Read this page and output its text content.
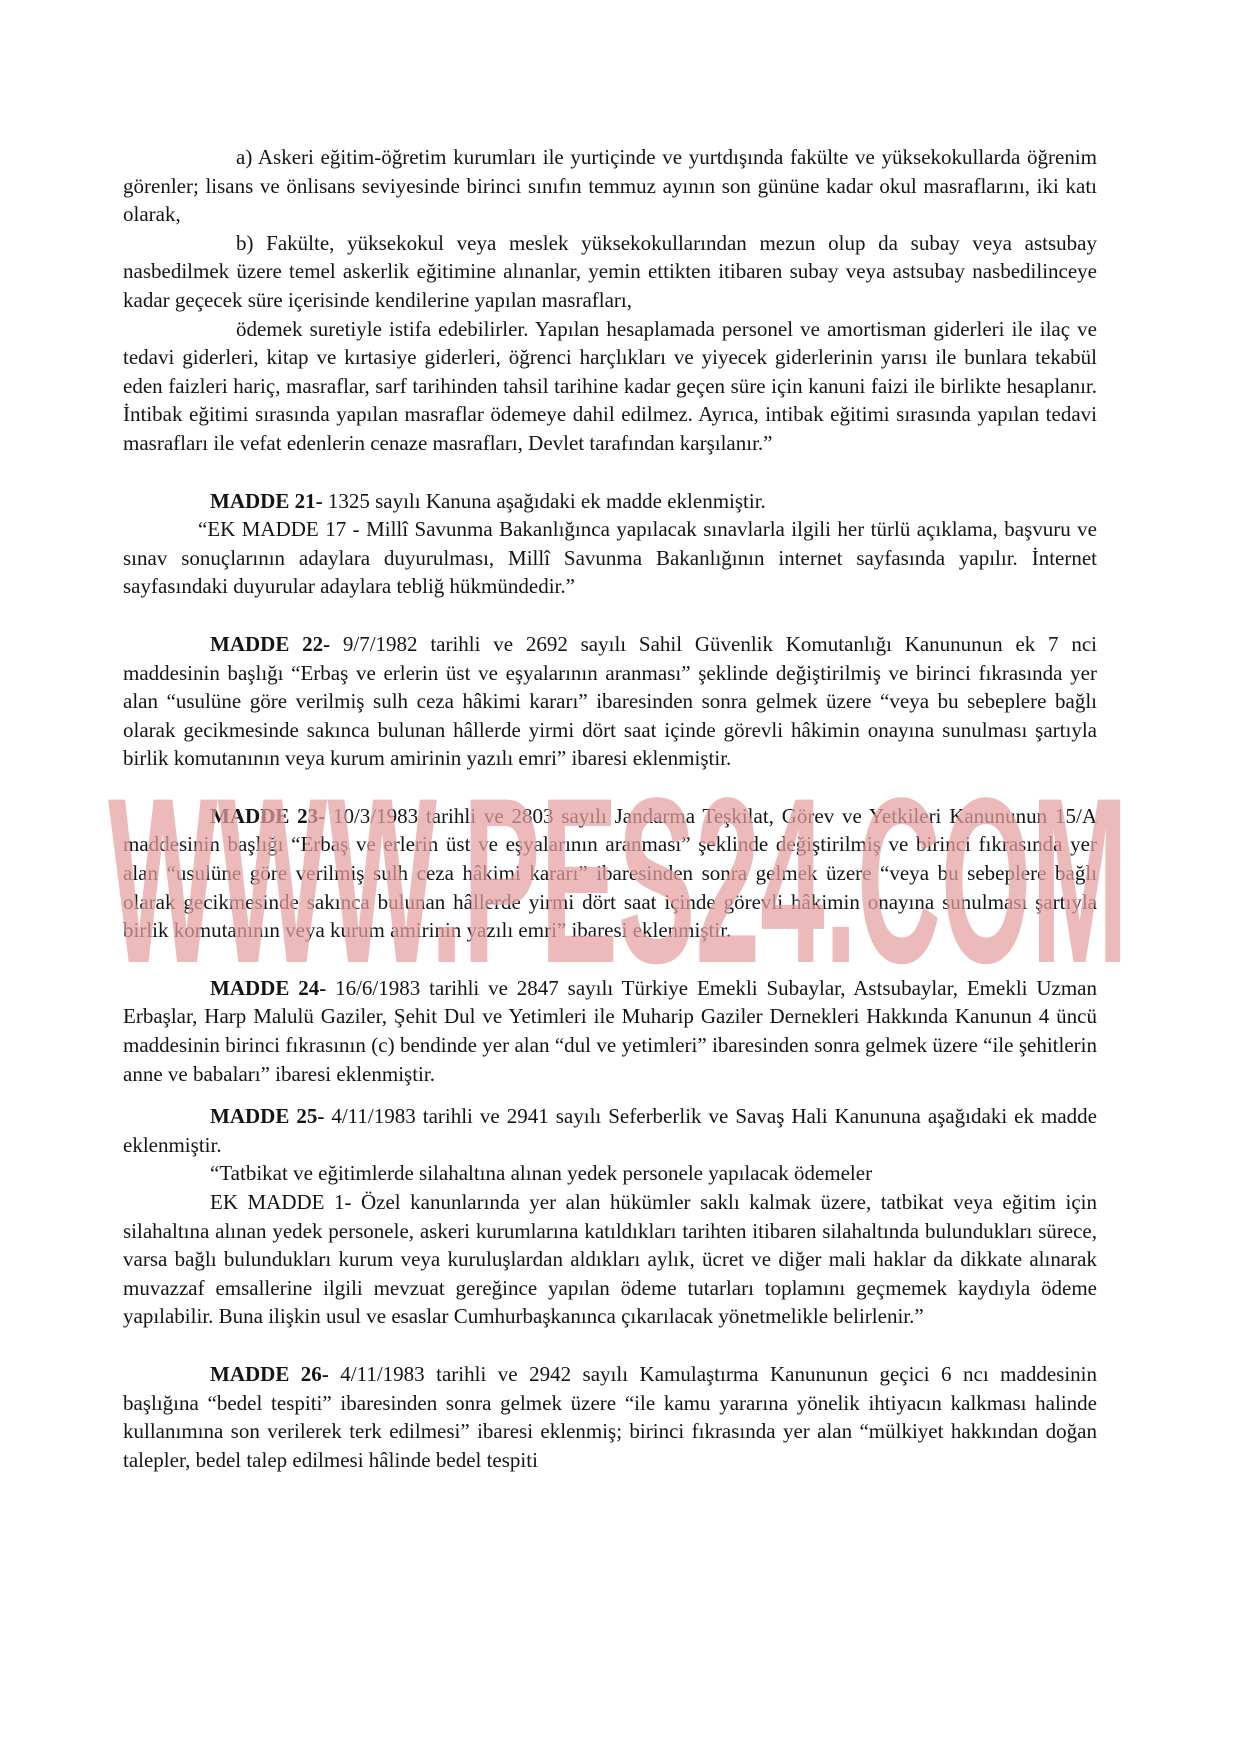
a) Askeri eğitim-öğretim kurumları ile yurtiçinde ve yurtdışında fakülte ve yüksekokullarda öğrenim görenler; lisans ve önlisans seviyesinde birinci sınıfın temmuz ayının son gününe kadar okul masraflarını, iki katı olarak,

b) Fakülte, yüksekokul veya meslek yüksekokullarından mezun olup da subay veya astsubay nasbedilmek üzere temel askerlik eğitimine alınanlar, yemin ettikten itibaren subay veya astsubay nasbedilinceye kadar geçecek süre içerisinde kendilerine yapılan masrafları,

ödemek suretiyle istifa edebilirler. Yapılan hesaplamada personel ve amortisman giderleri ile ilaç ve tedavi giderleri, kitap ve kırtasiye giderleri, öğrenci harçlıkları ve yiyecek giderlerinin yarısı ile bunlara tekabül eden faizleri hariç, masraflar, sarf tarihinden tahsil tarihine kadar geçen süre için kanuni faizi ile birlikte hesaplanır. İntibak eğitimi sırasında yapılan masraflar ödemeye dahil edilmez. Ayrıca, intibak eğitimi sırasında yapılan tedavi masrafları ile vefat edenlerin cenaze masrafları, Devlet tarafından karşılanır.”

MADDE 21- 1325 sayılı Kanuna aşağıdaki ek madde eklenmiştir.

“EK MADDE 17 - Millî Savunma Bakanlığınca yapılacak sınavlarla ilgili her türlü açıklama, başvuru ve sınav sonuçlarının adaylara duyurulması, Millî Savunma Bakanlığının internet sayfasında yapılır. İnternet sayfasındaki duyurular adaylara tebliğ hükmündedir.”

MADDE 22- 9/7/1982 tarihli ve 2692 sayılı Sahil Güvenlik Komutanlığı Kanununun ek 7 nci maddesinin başlığı “Erbaş ve erlerin üst ve eşyalarının aranması” şeklinde değiştirilmiş ve birinci fıkrasında yer alan “usulüne göre verilmiş sulh ceza hâkimi kararı” ibaresinden sonra gelmek üzere “veya bu sebeplere bağlı olarak gecikmesinde sakınca bulunan hâllerde yirmi dört saat içinde görevli hâkimin onayına sunulması şartıyla birlik komutanının veya kurum amirinin yazılı emri” ibaresi eklenmiştir.

MADDE 23- 10/3/1983 tarihli ve 2803 sayılı Jandarma Teşkilat, Görev ve Yetkileri Kanununun 15/A maddesinin başlığı “Erbaş ve erlerin üst ve eşyalarının aranması” şeklinde değiştirilmiş ve birinci fıkrasında yer alan “usulüne göre verilmiş sulh ceza hâkimi kararı” ibaresinden sonra gelmek üzere “veya bu sebeplere bağlı olarak gecikmesinde sakınca bulunan hâllerde yirmi dört saat içinde görevli hâkimin onayına sunulması şartıyla birlik komutanının veya kurum amirinin yazılı emri” ibaresi eklenmiştir.

MADDE 24- 16/6/1983 tarihli ve 2847 sayılı Türkiye Emekli Subaylar, Astsubaylar, Emekli Uzman Erbaşlar, Harp Malulü Gaziler, Şehit Dul ve Yetimleri ile Muharip Gaziler Dernekleri Hakkında Kanunun 4 üncü maddesinin birinci fıkrasının (c) bendinde yer alan “dul ve yetimleri” ibaresinden sonra gelmek üzere “ile şehitlerin anne ve babaları” ibaresi eklenmiştir.

MADDE 25- 4/11/1983 tarihli ve 2941 sayılı Seferberlik ve Savaş Hali Kanununa aşağıdaki ek madde eklenmiştir.

“Tatbikat ve eğitimlerde silahaltına alınan yedek personele yapılacak ödemeler

EK MADDE 1- Özel kanunlarında yer alan hükümler saklı kalmak üzere, tatbikat veya eğitim için silahaltına alınan yedek personele, askeri kurumlarına katıldıkları tarihten itibaren silahaltında bulundukları sürece, varsa bağlı bulundukları kurum veya kuruluşlardan aldıkları aylık, ücret ve diğer mali haklar da dikkate alınarak muvazzaf emsallerine ilgili mevzuat gereğince yapılan ödeme tutarları toplamını geçmemek kaydıyla ödeme yapılabilir. Buna ilişkin usul ve esaslar Cumhurbaşkanınca çıkarılacak yönetmelikle belirlenir.”

MADDE 26- 4/11/1983 tarihli ve 2942 sayılı Kamulaştırma Kanununun geçici 6 ncı maddesinin başlığına “bedel tespiti” ibaresinden sonra gelmek üzere “ile kamu yararına yönelik ihtiyacın kalkması halinde kullanımına son verilerek terk edilmesi” ibaresi eklenmiş; birinci fıkrasında yer alan “mülkiyet hakkından doğan talepler, bedel talep edilmesi hâlinde bedel tespiti

WWW.PES24.COM
